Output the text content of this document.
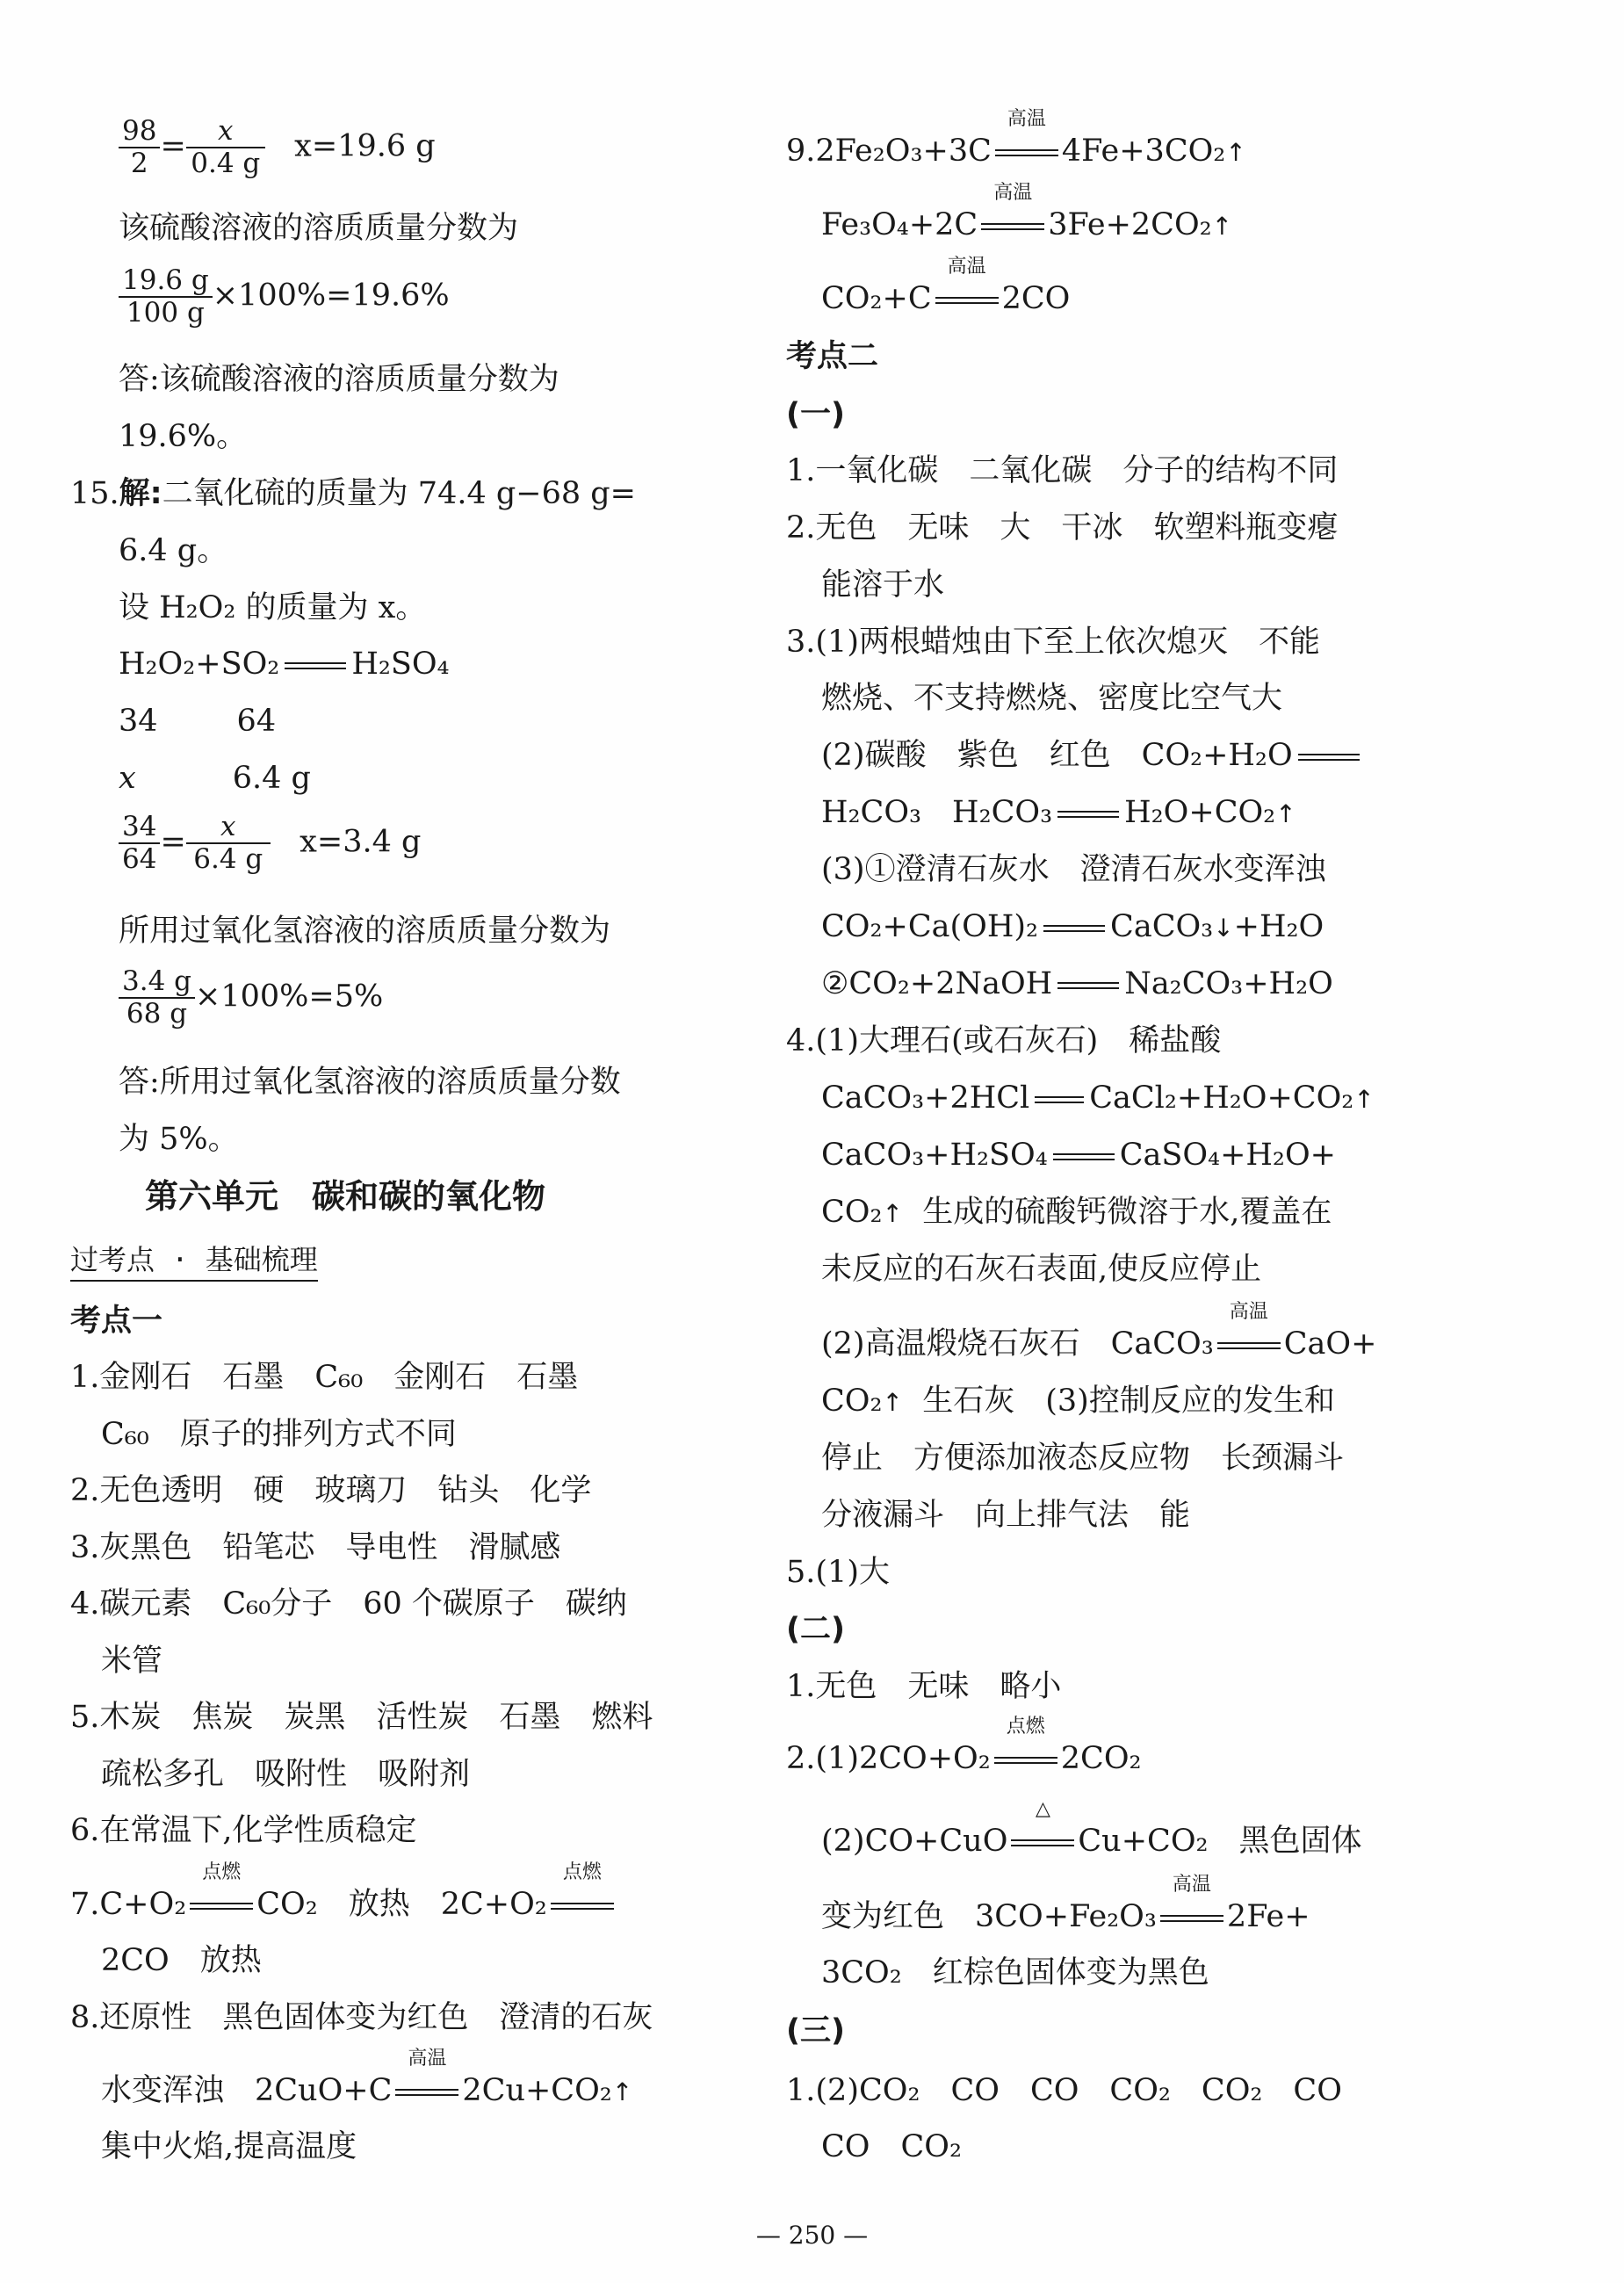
$\frac{98}{2} = \frac{x}{0.4 g} x=19.6$ g
该硫酸溶液的溶质质量分数为
$\frac{19.6 g}{100 g} \times 100\%=19.6\%$
答:该硫酸溶液的溶质质量分数为
19.6%。
15.解:二氧化硫的质量为 74.4 g−68 g=
6.4 g。
设 H₂O₂ 的质量为 x。
H₂O₂+SO₂ H₂SO₄
34	64
x	6.4 g
$\frac{34}{64} = \frac{x}{6.4 g} x=3.4$ g
所用过氧化氢溶液的溶质质量分数为
$\frac{3.4 g}{68 g} \times 100\%=5\%$
答:所用过氧化氢溶液的溶质质量分数
为 5%。
第六单元　碳和碳的氧化物
过考点 · 基础梳理
考点一
1.金刚石　石墨　C₆₀　金刚石　石墨
C₆₀　原子的排列方式不同
2.无色透明　硬　玻璃刀　钻头　化学
3.灰黑色　铅笔芯　导电性　滑腻感
4.碳元素　C₆₀分子　60 个碳原子　碳纳
米管
5.木炭　焦炭　炭黑　活性炭　石墨　燃料
疏松多孔　吸附性　吸附剂
6.在常温下,化学性质稳定
7.C+O₂
点燃
CO₂　放热　2C+O₂
点燃
2CO　放热
8.还原性　黑色固体变为红色　澄清的石灰
水变浑浊　2CuO+C
高温
2Cu+CO₂↑
集中火焰,提高温度
9.2Fe₂O₃+3C
高温
4Fe+3CO₂↑
Fe₃O₄+2C
高温
3Fe+2CO₂↑
CO₂+C
高温
2CO
考点二
(一)
1.一氧化碳　二氧化碳　分子的结构不同
2.无色　无味　大　干冰　软塑料瓶变瘪
能溶于水
3.(1)两根蜡烛由下至上依次熄灭　不能
燃烧、不支持燃烧、密度比空气大
(2)碳酸　紫色　红色　CO₂+H₂O
H₂CO₃　H₂CO₃ H₂O+CO₂↑
(3)①澄清石灰水　澄清石灰水变浑浊
CO₂+Ca(OH)₂ CaCO₃↓+H₂O
②CO₂+2NaOH Na₂CO₃+H₂O
4.(1)大理石(或石灰石)　稀盐酸
CaCO₃+2HCl CaCl₂+H₂O+CO₂↑
CaCO₃+H₂SO₄ CaSO₄+H₂O+
CO₂↑ 生成的硫酸钙微溶于水,覆盖在
未反应的石灰石表面,使反应停止
(2)高温煅烧石灰石　CaCO₃
高温
CaO+
CO₂↑ 生石灰　(3)控制反应的发生和
停止　方便添加液态反应物　长颈漏斗
分液漏斗　向上排气法　能
5.(1)大
(二)
1.无色　无味　略小
2.(1)2CO+O₂
点燃
2CO₂
(2)CO+CuO
△
Cu+CO₂　黑色固体
变为红色　3CO+Fe₂O₃
高温
2Fe+
3CO₂　红棕色固体变为黑色
(三)
1.(2)CO₂　CO　CO　CO₂　CO₂　CO
CO　CO₂
— 250 —
